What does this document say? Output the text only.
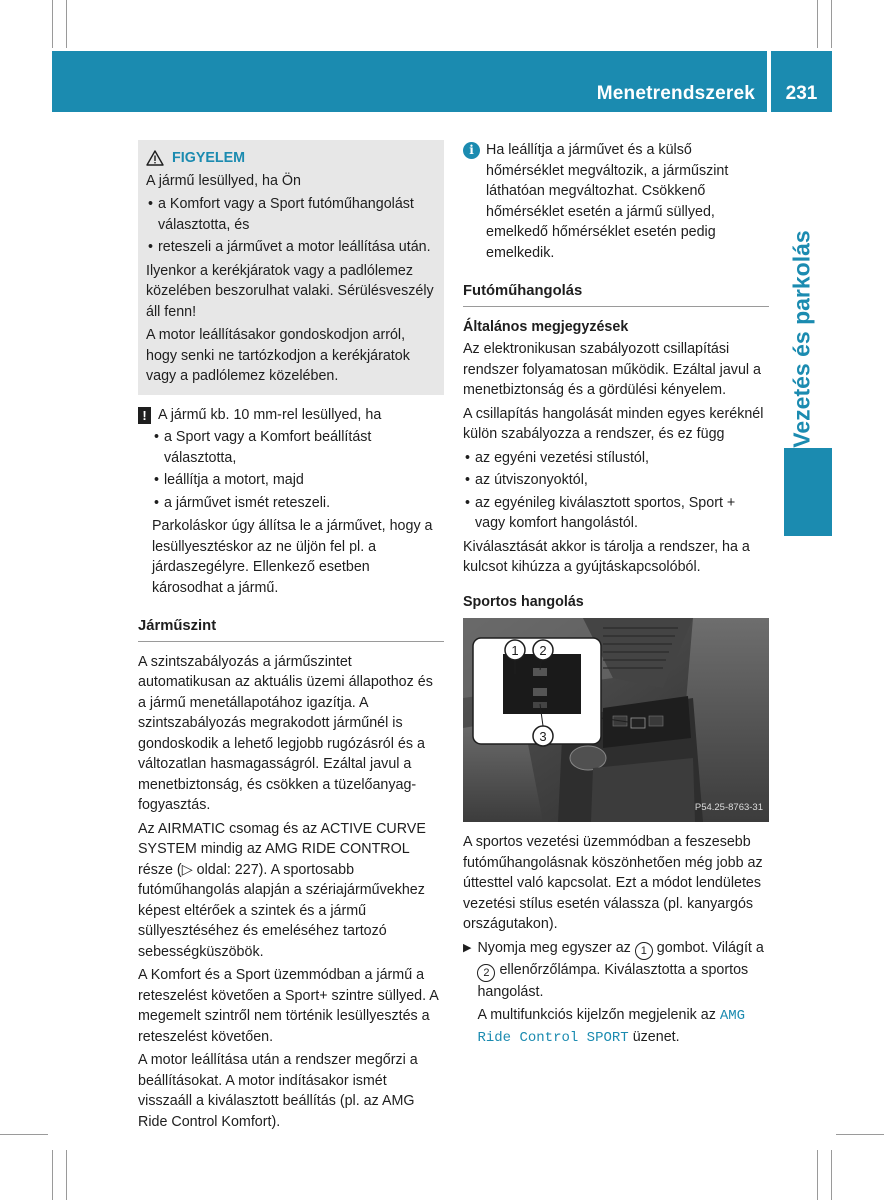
Menetrendszerek	231
Vezetés és parkolás
FIGYELEM

A jármű lesüllyed, ha Ön

• a Komfort vagy a Sport futóműhangolást választotta, és
• reteszeli a járművet a motor leállítása után.

Ilyenkor a kerékjáratok vagy a padlólemez közelében beszorulhat valaki. Sérülésveszély áll fenn!

A motor leállításakor gondoskodjon arról, hogy senki ne tartózkodjon a kerékjáratok vagy a padlólemez közelében.

! A jármű kb. 10 mm-rel lesüllyed, ha
• a Sport vagy a Komfort beállítást választotta,
• leállítja a motort, majd
• a járművet ismét reteszeli.

Parkoláskor úgy állítsa le a járművet, hogy a lesüllyesztéskor az ne üljön fel pl. a járdaszegélyre. Ellenkező esetben károsodhat a jármű.

Járműszint

A szintszabályozás a járműszintet automatikusan az aktuális üzemi állapothoz és a jármű menetállapotához igazítja. A szintszabályozás megrakodott járműnél is gondoskodik a lehető legjobb rugózásról és a változatlan hasmagasságról. Ezáltal javul a menetbiztonság, és csökken a tüzelőanyag-fogyasztás.

Az AIRMATIC csomag és az ACTIVE CURVE SYSTEM mindig az AMG RIDE CONTROL része (▷ oldal: 227). A sportosabb futóműhangolás alapján a szériajárművekhez képest eltérőek a szintek és a jármű süllyesztéséhez és emeléséhez tartozó sebességküszöbök.

A Komfort és a Sport üzemmódban a jármű a reteszelést követően a Sport+ szintre süllyed. A megemelt szintről nem történik lesüllyesztés a reteszelést követően.

A motor leállítása után a rendszer megőrzi a beállításokat. A motor indításakor ismét visszaáll a kiválasztott beállítás (pl. az AMG Ride Control Komfort).

i Ha leállítja a járművet és a külső hőmérséklet megváltozik, a járműszint láthatóan megváltozhat. Csökkenő hőmérséklet esetén a jármű süllyed, emelkedő hőmérséklet esetén pedig emelkedik.
Futóműhangolás
Általános megjegyzések

Az elektronikusan szabályozott csillapítási rendszer folyamatosan működik. Ezáltal javul a menetbiztonság és a gördülési kényelem.

A csillapítás hangolását minden egyes keréknél külön szabályozza a rendszer, és ez függ

• az egyéni vezetési stílustól,
• az útviszonyoktól,
• az egyénileg kiválasztott sportos, Sport + vagy komfort hangolástól.

Kiválasztását akkor is tárolja a rendszer, ha a kulcsot kihúzza a gyújtáskapcsolóból.

Sportos hangolás
1 2
3
P54.25-8763-31

A sportos vezetési üzemmódban a feszesebb futóműhangolásnak köszönhetően még jobb az úttesttel való kapcsolat. Ezt a módot lendületes vezetési stílus esetén válassza (pl. kanyargós országutakon).

▶ Nyomja meg egyszer az 1 gombot. Világít a 2 ellenőrzőlámpa. Kiválasztotta a sportos hangolást.
A multifunkciós kijelzőn megjelenik az AMG Ride Control SPORT üzenet.
